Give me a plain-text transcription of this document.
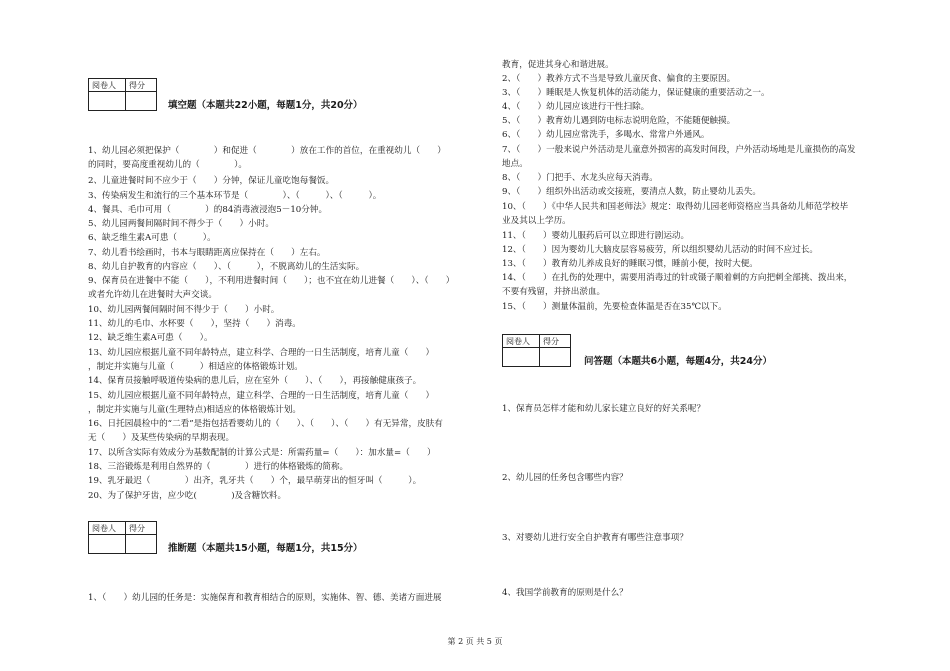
阅卷人	得分

填空题（本题共22小题，每题1分，共20分）
1、幼儿园必须把保护（　　　　）和促进（　　　　）放在工作的首位，在重视幼儿（　　）
的同时，要高度重视幼儿的（　　　　）。
2、儿童进餐时间不应少于（　　）分钟，保证儿童吃饱每餐饭。
3、传染病发生和流行的三个基本环节是（　　　　）、（　　　）、（　　　）。
4、餐具、毛巾可用（　　　　）的84消毒液浸泡5－10分钟。
5、幼儿园两餐间隔时间不得少于（　　）小时。
6、缺乏维生素A可患（　　　）。
7、幼儿看书绘画时，书本与眼睛距离应保持在（　　）左右。
8、幼儿自护教育的内容应（　　）、（　　　），不脱离幼儿的生活实际。
9、保育员在进餐中不能（　　），不利用进餐时间（　　）；也不宜在幼儿进餐（　　）、（　　）
或者允许幼儿在进餐时大声交谈。
10、幼儿园两餐间隔时间不得少于（　　）小时。
11、幼儿的毛巾、水杯要（　　），坚持（　　）消毒。
12、缺乏维生素A可患（　　）。
13、幼儿园应根据儿童不同年龄特点，建立科学、合理的一日生活制度，培育儿童（　　）
，制定并实施与儿童（　　　）相适应的体格锻炼计划。
14、保育员接触呼吸道传染病的患儿后，应在室外（　　）、（　　），再接触健康孩子。
15、幼儿园应根据儿童不同年龄特点，建立科学、合理的一日生活制度，培育儿童（　　）
，制定并实施与儿童(生理特点)相适应的体格锻炼计划。
16、日托园晨检中的“二看”是指包括看婴幼儿的（　　）、（　　）、（　　）有无异常，皮肤有
无（　　）及某些传染病的早期表现。
17、以所含实际有效成分为基数配制的计算公式是：所需药量=（　　）：加水量=（　　）
18、三浴锻炼是利用自然界的（　　　　）进行的体格锻炼的简称。
19、乳牙最迟（　　　　）出齐，乳牙共（　　）个，最早萌芽出的恒牙叫（　　　）。
20、为了保护牙齿，应少吃(　　　　)及含糖饮料。
阅卷人	得分

推断题（本题共15小题，每题1分，共15分）
1、（　　）幼儿园的任务是：实施保育和教育相结合的原则，实施体、智、德、美诸方面进展
教育，促进其身心和谐进展。
2、（　　）教养方式不当是导致儿童厌食、偏食的主要原因。
3、（　　）睡眠是人恢复机体的活动能力，保证健康的重要活动之一。
4、（　　）幼儿园应该进行干性扫除。
5、（　　）教育幼儿遇到防电标志说明危险，不能随便触摸。
6、（　　）幼儿园应常洗手，多喝水、常常户外通风。
7、（　　）一般来说户外活动是儿童意外损害的高发时间段，户外活动场地是儿童损伤的高发
地点。
8、（　　）门把手、水龙头应每天消毒。
9、（　　）组织外出活动或交接班，要清点人数，防止婴幼儿丢失。
10、（　　）《中华人民共和国老师法》规定：取得幼儿园老师资格应当具备幼儿师范学校毕
业及其以上学历。
11、（　　）婴幼儿服药后可以立即进行剧运动。
12、（　　）因为婴幼儿大脑皮层容易疲劳，所以组织婴幼儿活动的时间不应过长。
13、（　　）教育幼儿养成良好的睡眠习惯，睡前小便，按时大便。
14、（　　）在扎伤的处理中，需要用消毒过的针或镊子顺着刺的方向把刺全部挑、拨出来，
不要有残留，并挤出淤血。
15、（　　）测量体温前，先要检查体温是否在35℃以下。
阅卷人	得分

问答题（本题共6小题，每题4分，共24分）
1、保育员怎样才能和幼儿家长建立良好的好关系呢？
2、幼儿园的任务包含哪些内容？
3、对婴幼儿进行安全自护教育有哪些注意事项？
4、我国学前教育的原则是什么？
第 2 页 共 5 页
